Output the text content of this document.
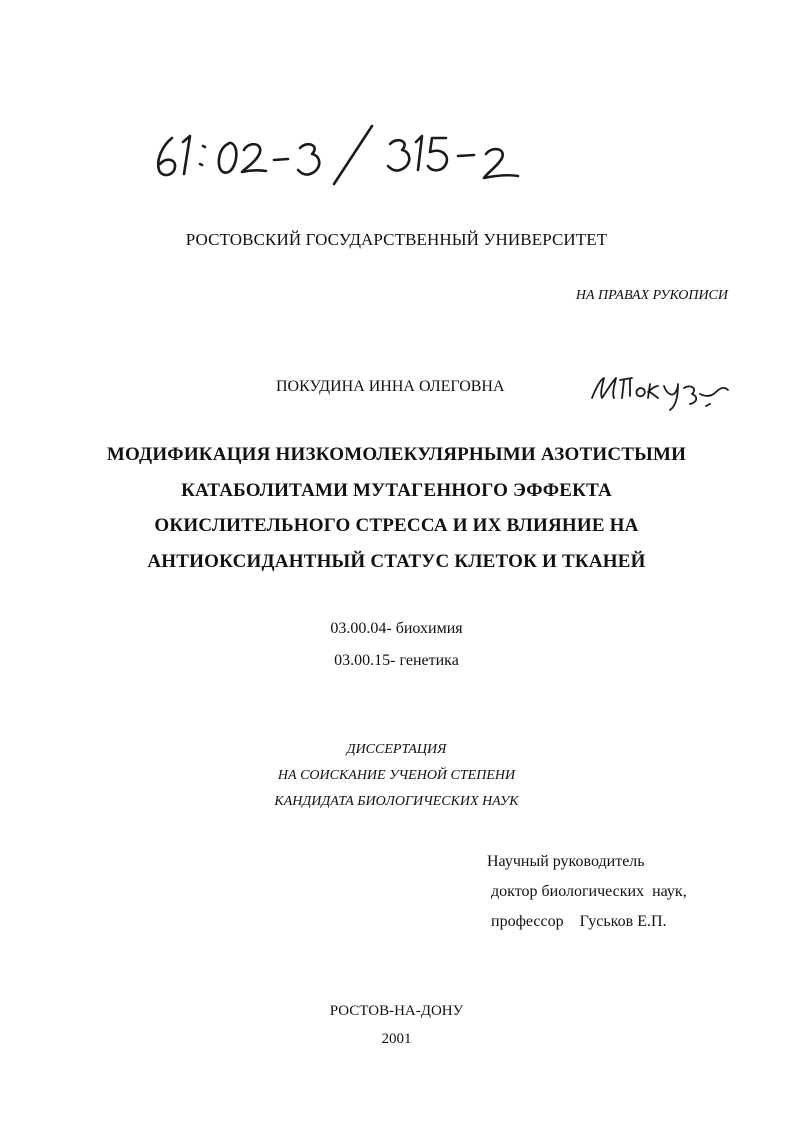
РОСТОВСКИЙ ГОСУДАРСТВЕННЫЙ УНИВЕРСИТЕТ
НА ПРАВАХ РУКОПИСИ
ПОКУДИНА ИННА ОЛЕГОВНА
МОДИФИКАЦИЯ НИЗКОМОЛЕКУЛЯРНЫМИ АЗОТИСТЫМИ
КАТАБОЛИТАМИ МУТАГЕННОГО ЭФФЕКТА
ОКИСЛИТЕЛЬНОГО СТРЕССА И ИХ ВЛИЯНИЕ НА
АНТИОКСИДАНТНЫЙ СТАТУС КЛЕТОК И ТКАНЕЙ
03.00.04- биохимия
03.00.15- генетика
ДИССЕРТАЦИЯ
НА СОИСКАНИЕ УЧЕНОЙ СТЕПЕНИ
КАНДИДАТА БИОЛОГИЧЕСКИХ НАУК
Научный руководитель
доктор биологических  наук,
профессор    Гуськов Е.П.
РОСТОВ-НА-ДОНУ
2001
